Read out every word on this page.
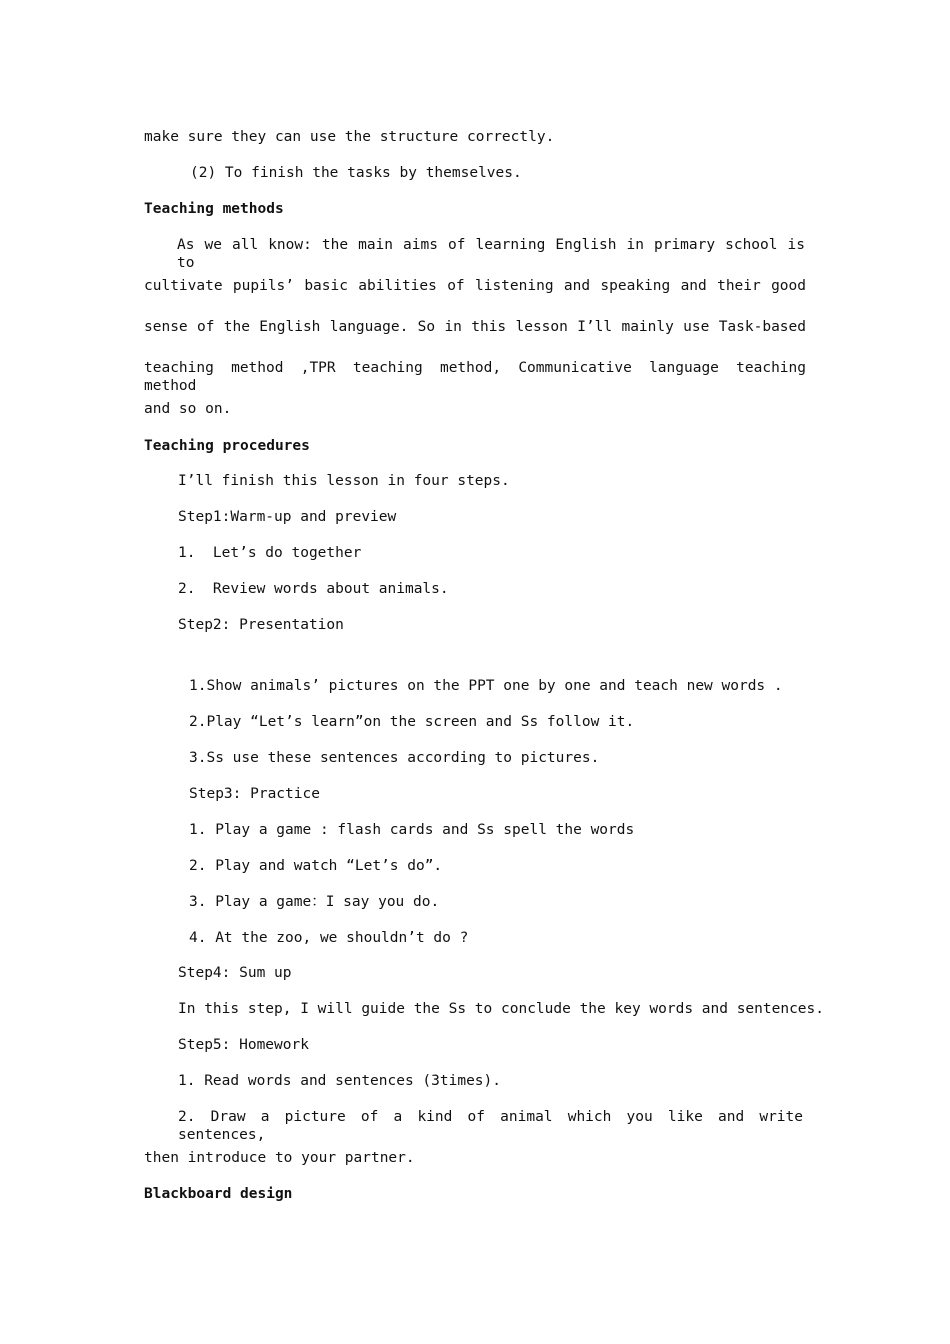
make sure they can use the structure correctly.
(2) To finish the tasks by themselves.
Teaching methods
As we all know: the main aims of learning English in primary school is to
cultivate pupils’ basic abilities of listening and speaking and their good
sense of the English language. So in this lesson I’ll mainly use Task-based
teaching method ,TPR teaching method, Communicative language teaching method
and so on.
Teaching procedures
I’ll finish this lesson in four steps.
Step1:Warm-up and preview
1.  Let’s do together
2.  Review words about animals.
Step2: Presentation
1.Show animals’ pictures on the PPT one by one and teach new words .
2.Play “Let’s learn”on the screen and Ss follow it.
3.Ss use these sentences according to pictures.
Step3: Practice
1. Play a game : flash cards and Ss spell the words
2. Play and watch “Let’s do”.
3. Play a game：I say you do.
4. At the zoo, we shouldn’t do ?
Step4: Sum up
In this step, I will guide the Ss to conclude the key words and sentences.
Step5: Homework
1. Read words and sentences (3times).
2. Draw a picture of a kind of animal which you like and write sentences,
then introduce to your partner.
Blackboard design
